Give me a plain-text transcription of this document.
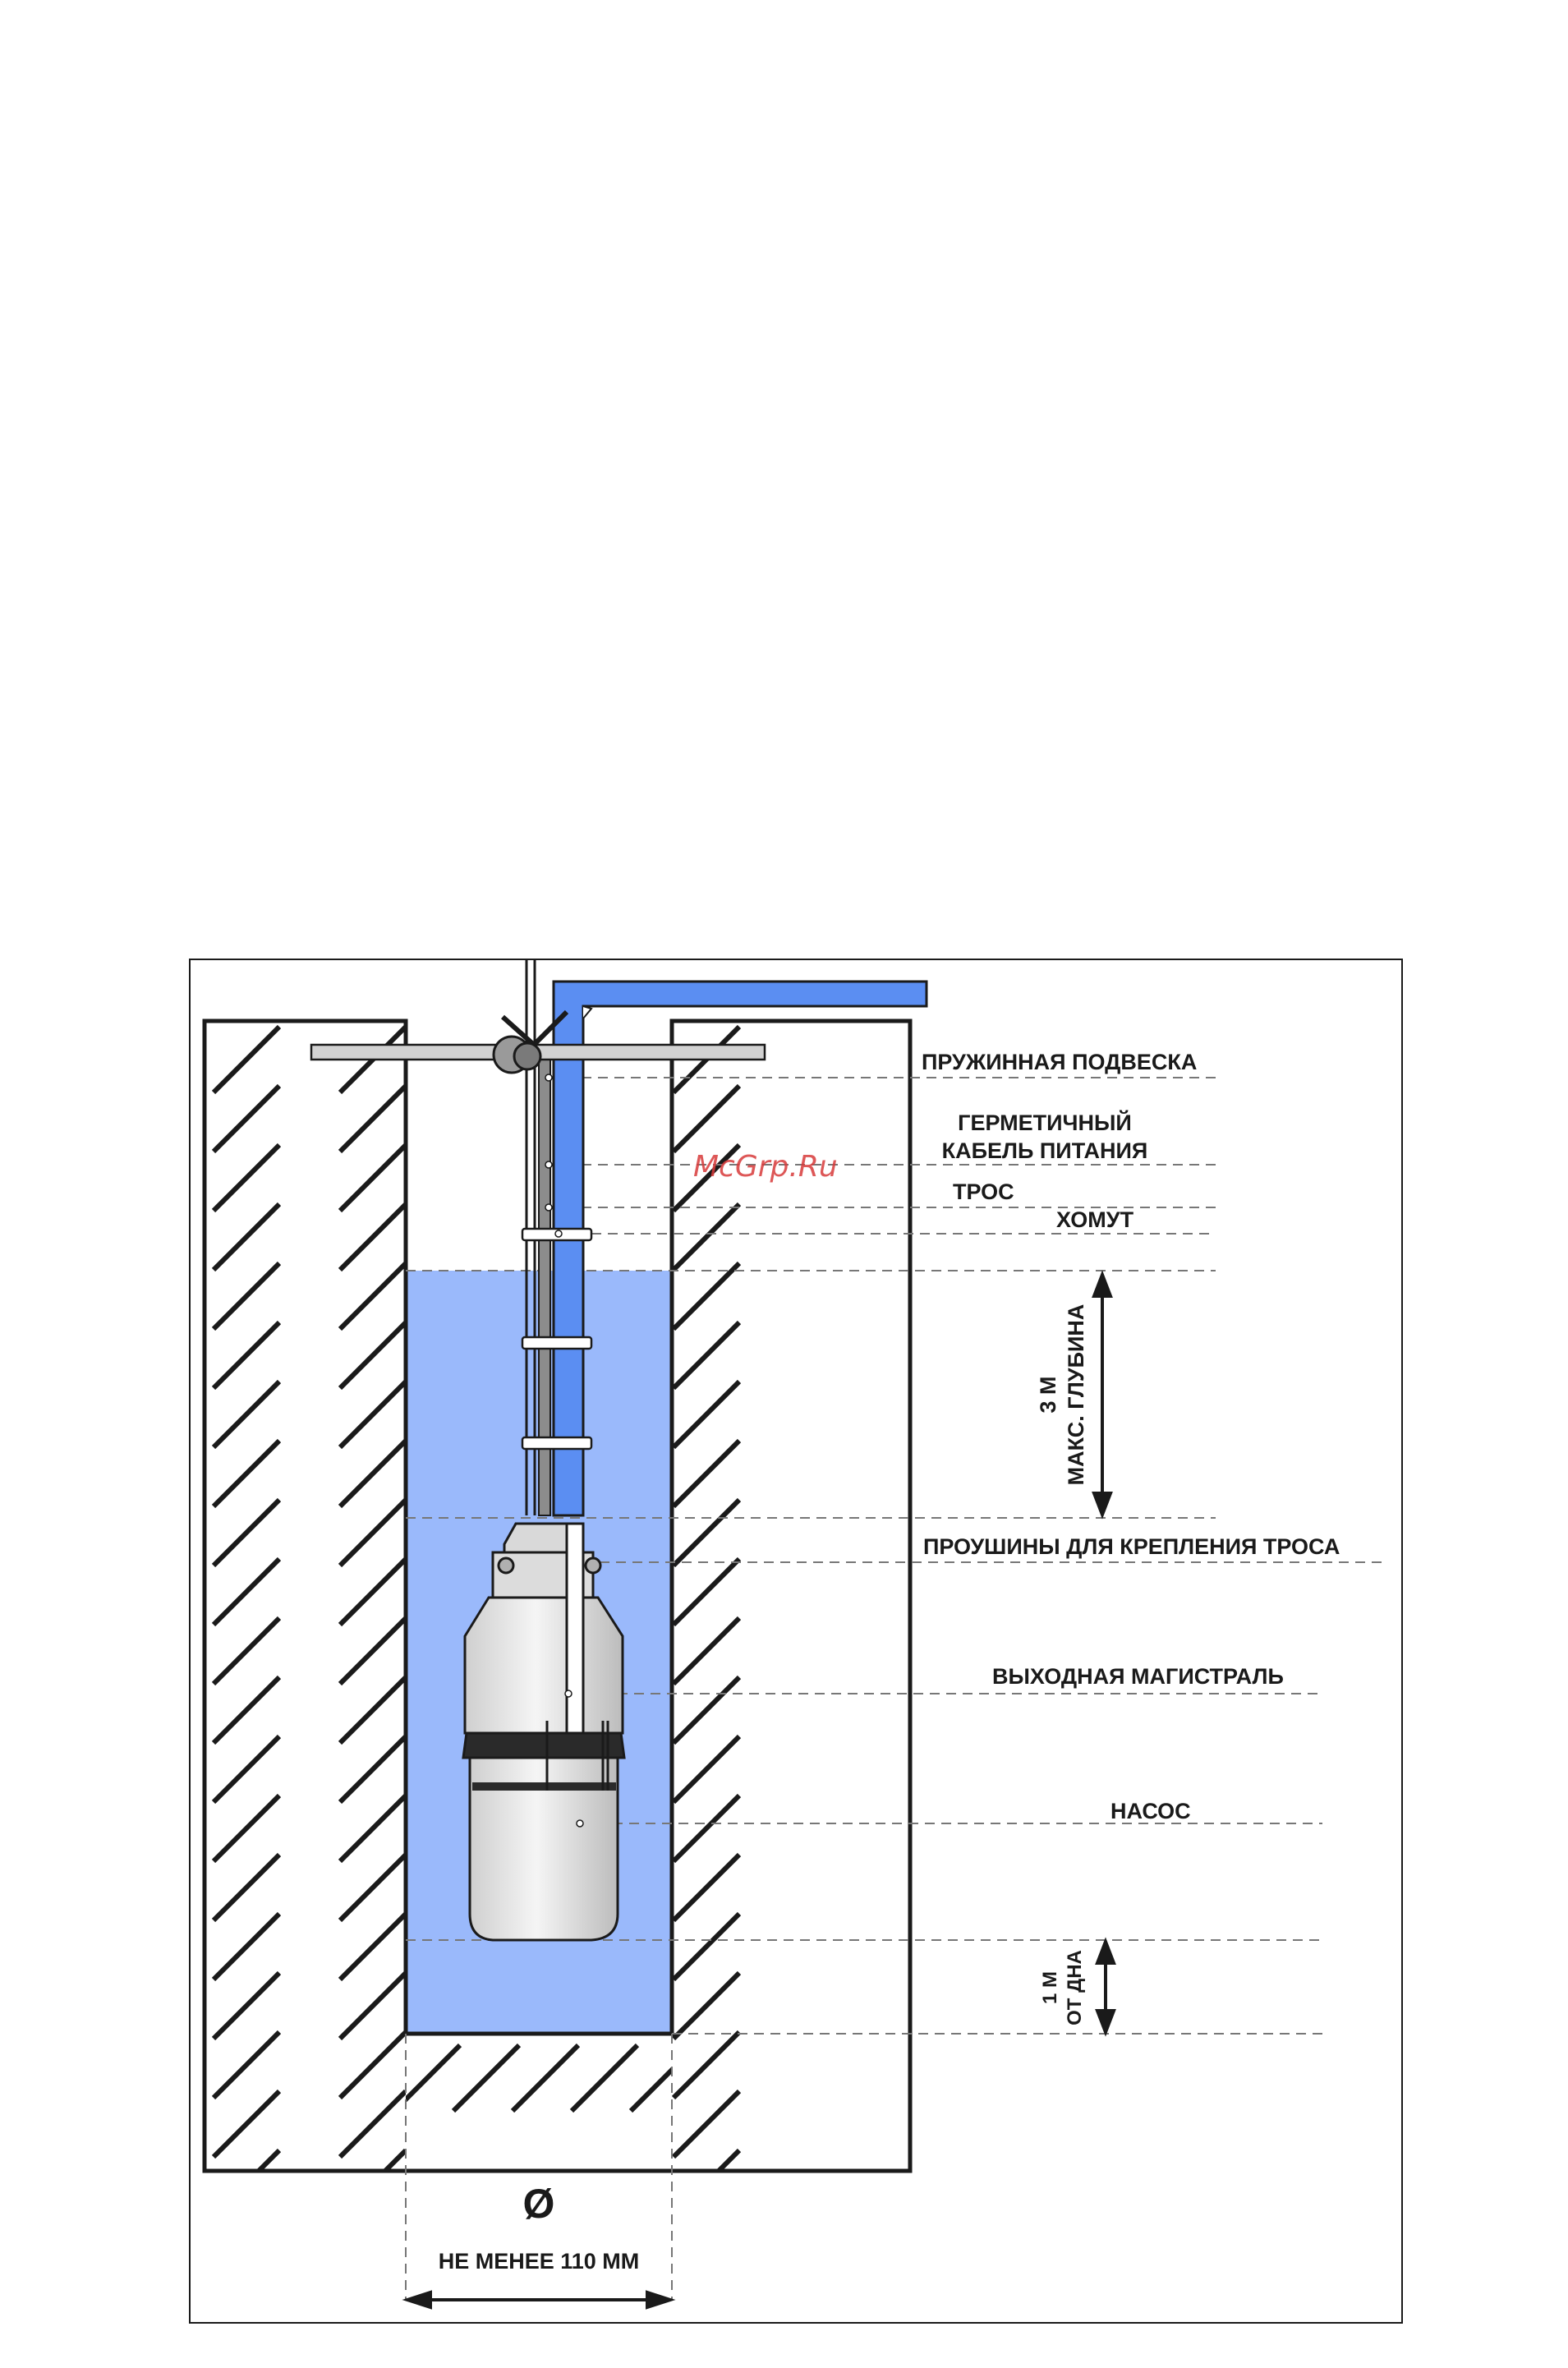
ПРУЖИННАЯ ПОДВЕСКА
ГЕРМЕТИЧНЫЙ
КАБЕЛЬ ПИТАНИЯ
ТРОС
ХОМУТ
3 М МАКС. ГЛУБИНА
ПРОУШИНЫ ДЛЯ КРЕПЛЕНИЯ ТРОСА
ВЫХОДНАЯ МАГИСТРАЛЬ
НАСОС
1 М ОТ ДНА
Ø
НЕ МЕНЕЕ 110 ММ
McGrp.Ru
